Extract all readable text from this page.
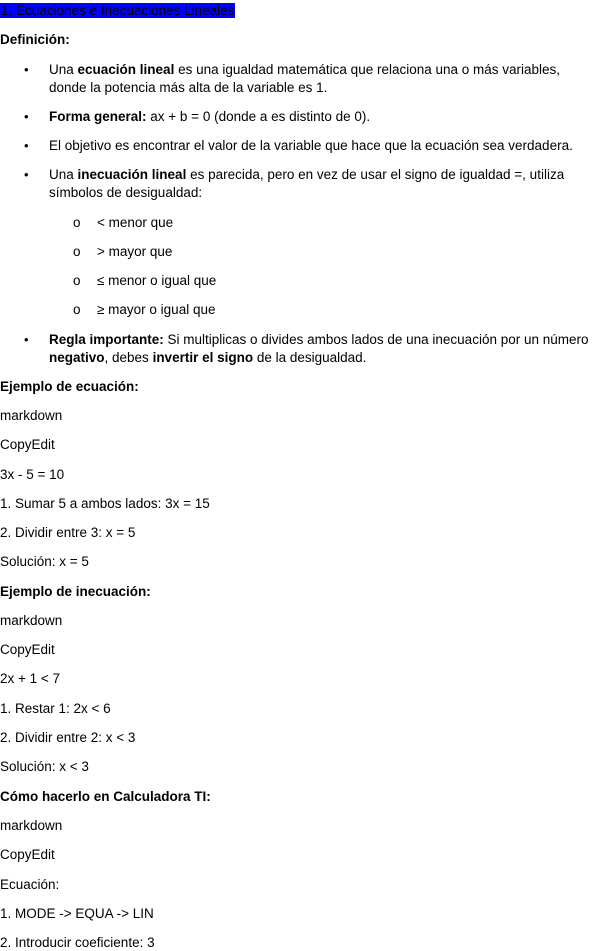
1. Ecuaciones e Inecuaciones Lineales
Definición:
•	Una ecuación lineal es una igualdad matemática que relaciona una o más variables, donde la potencia más alta de la variable es 1.
•	Forma general: ax + b = 0 (donde a es distinto de 0).
•	El objetivo es encontrar el valor de la variable que hace que la ecuación sea verdadera.
•	Una inecuación lineal es parecida, pero en vez de usar el signo de igualdad =, utiliza símbolos de desigualdad:
o < menor que
o > mayor que
o ≤ menor o igual que
o ≥ mayor o igual que
•	Regla importante: Si multiplicas o divides ambos lados de una inecuación por un número negativo, debes invertir el signo de la desigualdad.
Ejemplo de ecuación:
markdown
CopyEdit
3x - 5 = 10
1. Sumar 5 a ambos lados: 3x = 15
2. Dividir entre 3: x = 5
Solución: x = 5
Ejemplo de inecuación:
markdown
CopyEdit
2x + 1 < 7
1. Restar 1: 2x < 6
2. Dividir entre 2: x < 3
Solución: x < 3
Cómo hacerlo en Calculadora TI:
markdown
CopyEdit
Ecuación:
1. MODE -> EQUA -> LIN
2. Introducir coeficiente: 3
